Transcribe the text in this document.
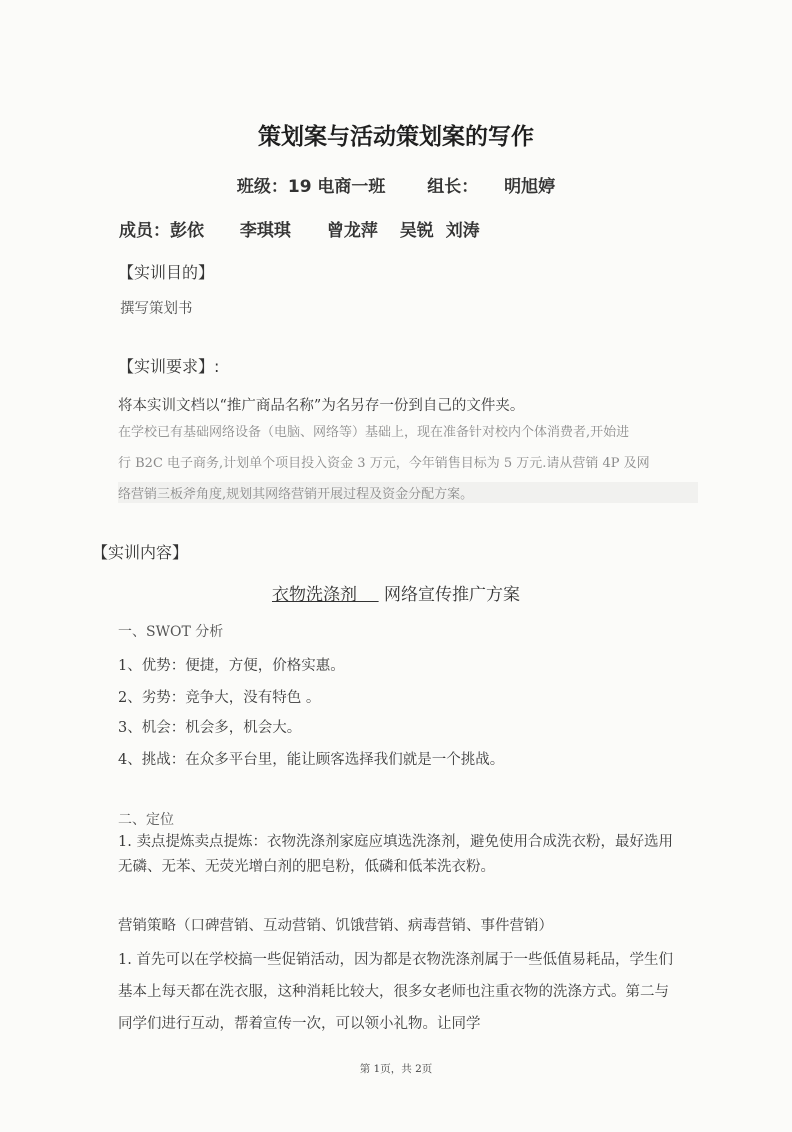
策划案与活动策划案的写作
班级：19 电商一班 组长： 明旭婷
成员：彭依 李琪琪 曾龙萍 吴锐 刘涛
【实训目的】
撰写策划书
【实训要求】:
将本实训文档以“推广商品名称”为名另存一份到自己的文件夹。
在学校已有基础网络设备（电脑、网络等）基础上，现在准备针对校内个体消费者,开始进
行 B2C 电子商务,计划单个项目投入资金 3 万元，今年销售目标为 5 万元.请从营销 4P 及网
络营销三板斧角度,规划其网络营销开展过程及资金分配方案。
【实训内容】
衣物洗涤剂 网络宣传推广方案
一、SWOT 分析
1、优势：便捷，方便，价格实惠。
2、劣势：竞争大，没有特色 。
3、机会：机会多，机会大。
4、挑战：在众多平台里，能让顾客选择我们就是一个挑战。
二、定位
1. 卖点提炼卖点提炼：衣物洗涤剂家庭应填选洗涤剂，避免使用合成洗衣粉，最好选用无磷、无苯、无荧光增白剂的肥皂粉，低磷和低苯洗衣粉。
营销策略（口碑营销、互动营销、饥饿营销、病毒营销、事件营销）
1. 首先可以在学校搞一些促销活动，因为都是衣物洗涤剂属于一些低值易耗品，学生们基本上每天都在洗衣服，这种消耗比较大，很多女老师也注重衣物的洗涤方式。第二与同学们进行互动，帮着宣传一次，可以领小礼物。让同学
第 1页，共 2页
